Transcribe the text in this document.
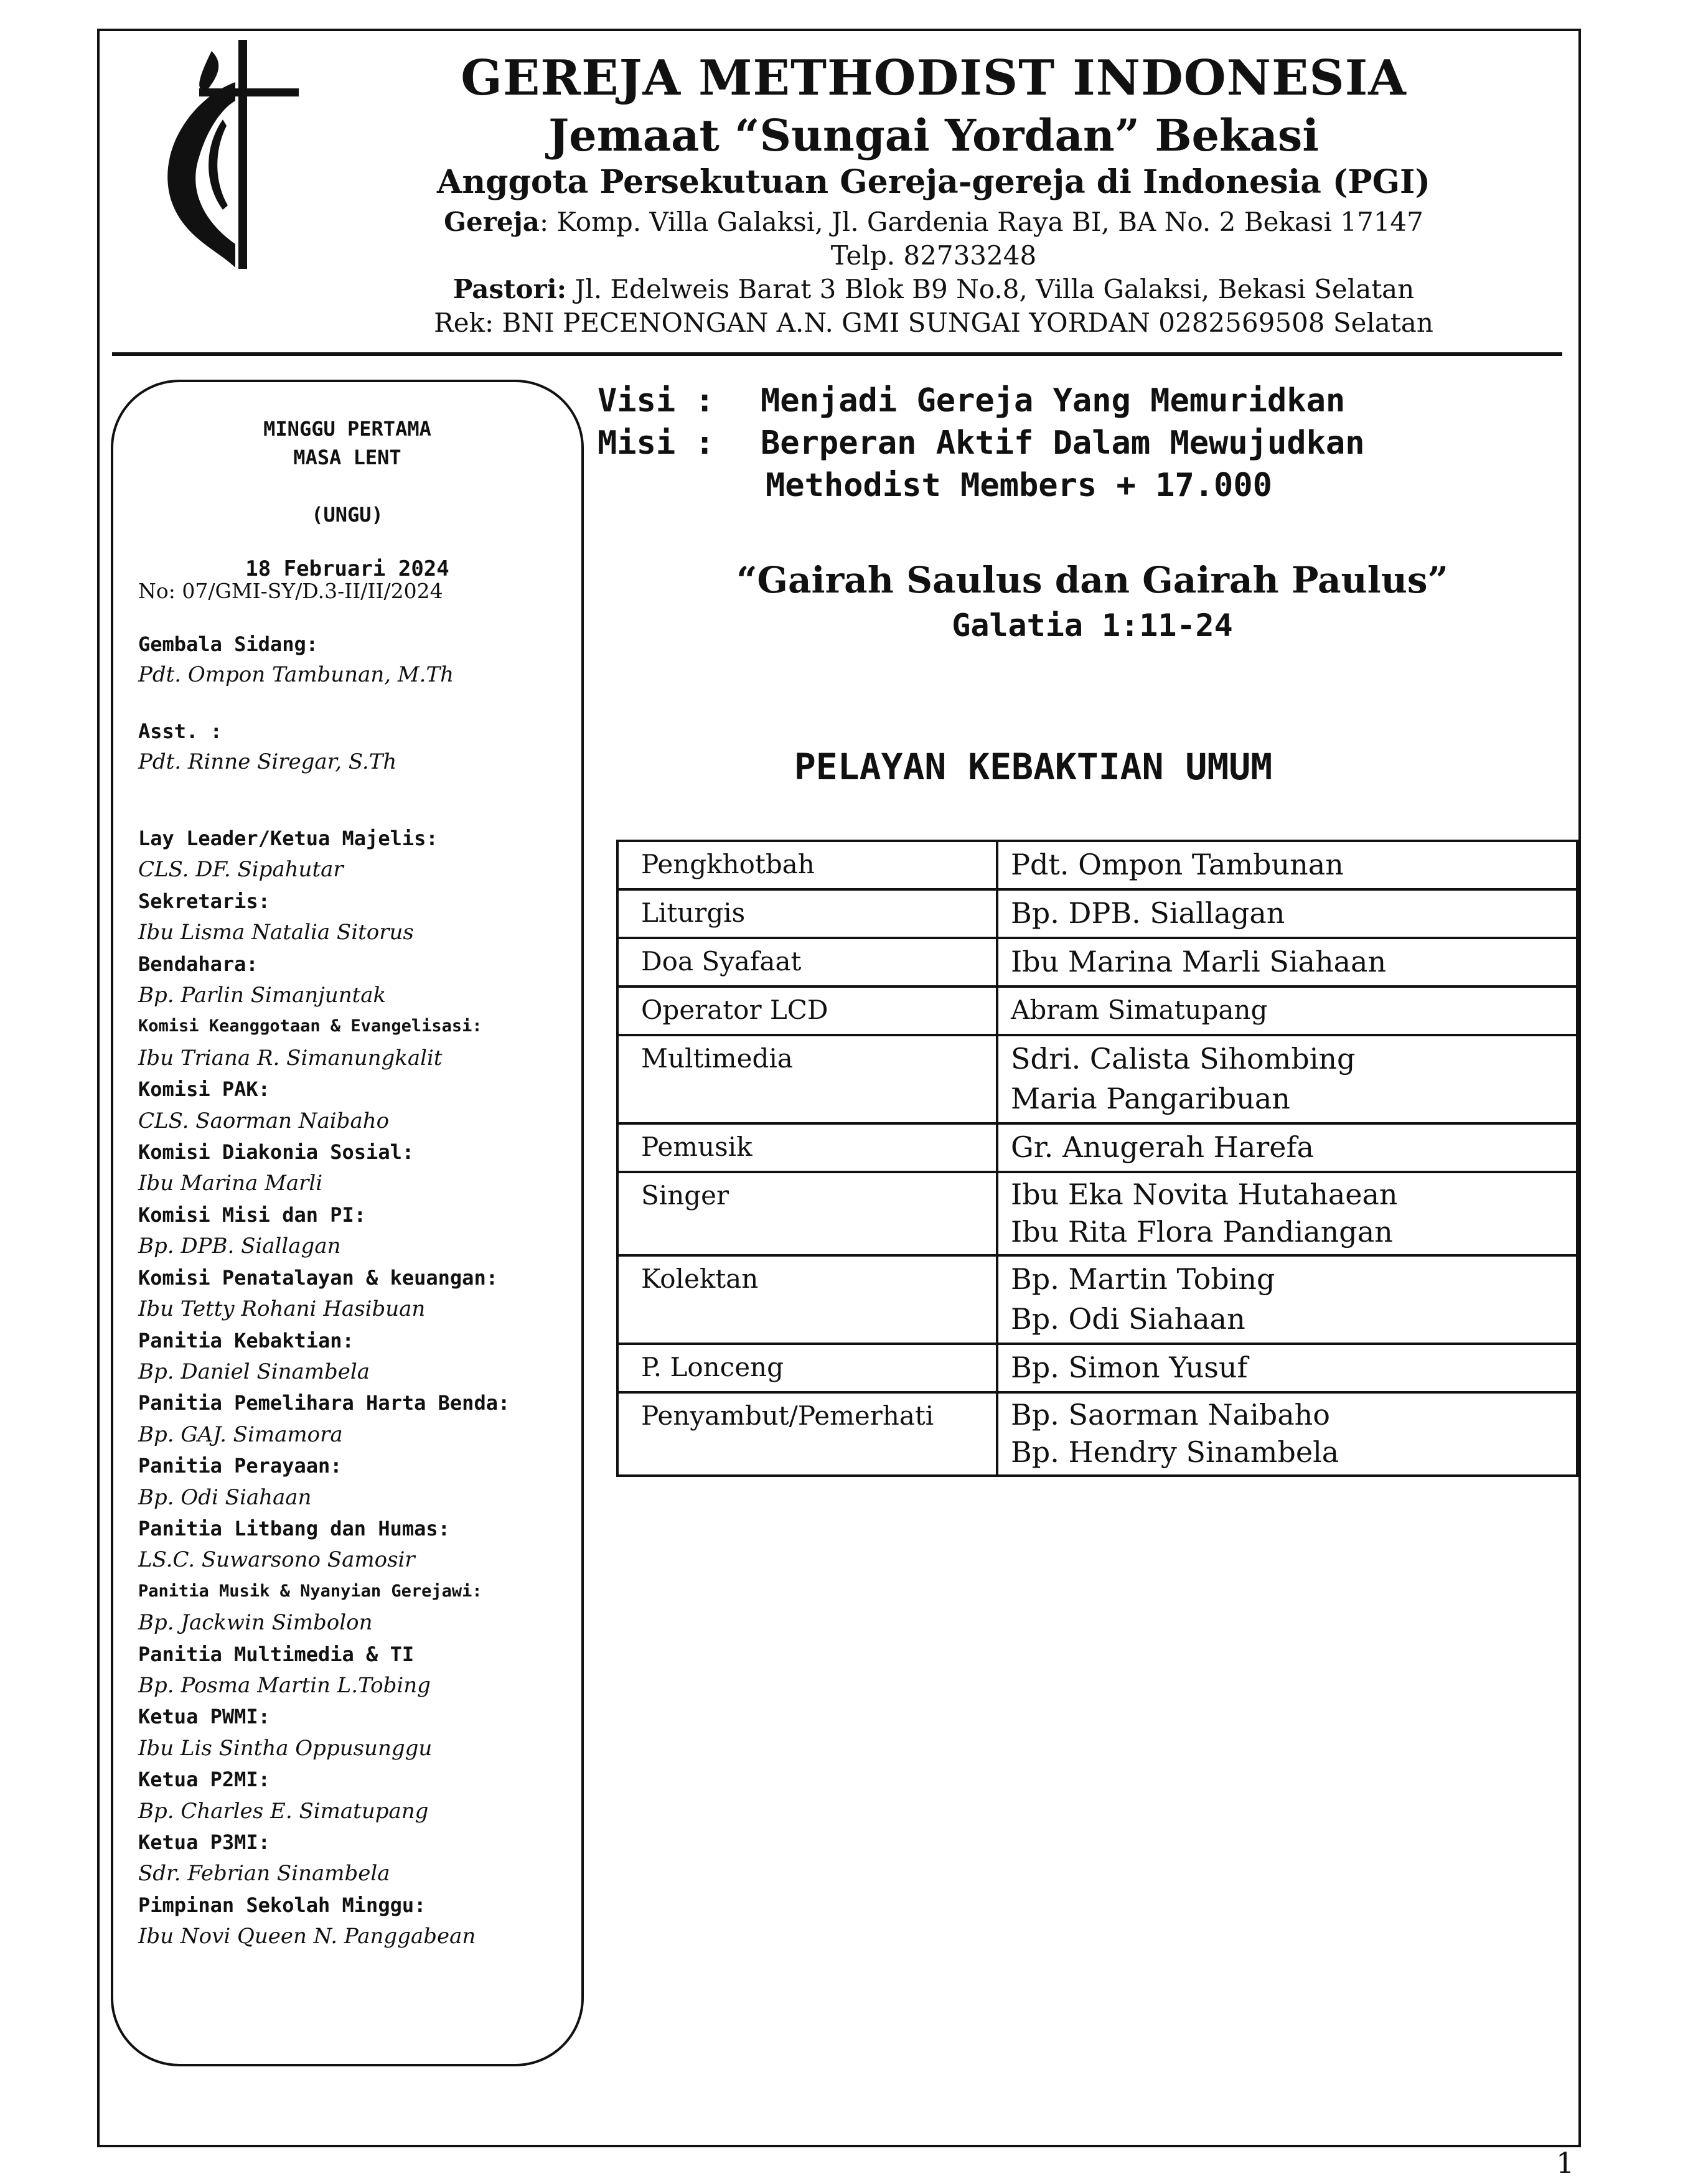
GEREJA METHODIST INDONESIA
Jemaat “Sungai Yordan” Bekasi
Anggota Persekutuan Gereja-gereja di Indonesia (PGI)
Gereja: Komp. Villa Galaksi, Jl. Gardenia Raya BI, BA No. 2 Bekasi 17147
Telp. 82733248
Pastori: Jl. Edelweis Barat 3 Blok B9 No.8, Villa Galaksi, Bekasi Selatan
Rek: BNI PECENONGAN A.N. GMI SUNGAI YORDAN 0282569508 Selatan
MINGGU PERTAMA
MASA LENT
(UNGU)
18 Februari 2024
No: 07/GMI-SY/D.3-II/II/2024
Gembala Sidang:
Pdt. Ompon Tambunan, M.Th
Asst. :
Pdt. Rinne Siregar, S.Th
Lay Leader/Ketua Majelis:
CLS. DF. Sipahutar
Sekretaris:
Ibu Lisma Natalia Sitorus
Bendahara:
Bp. Parlin Simanjuntak
Komisi Keanggotaan & Evangelisasi:
Ibu Triana R. Simanungkalit
Komisi PAK:
CLS. Saorman Naibaho
Komisi Diakonia Sosial:
Ibu Marina Marli
Komisi Misi dan PI:
Bp. DPB. Siallagan
Komisi Penatalayan & keuangan:
Ibu Tetty Rohani Hasibuan
Panitia Kebaktian:
Bp. Daniel Sinambela
Panitia Pemelihara Harta Benda:
Bp. GAJ. Simamora
Panitia Perayaan:
Bp. Odi Siahaan
Panitia Litbang dan Humas:
LS.C. Suwarsono Samosir
Panitia Musik & Nyanyian Gerejawi:
Bp. Jackwin Simbolon
Panitia Multimedia & TI
Bp. Posma Martin L.Tobing
Ketua PWMI:
Ibu Lis Sintha Oppusunggu
Ketua P2MI:
Bp. Charles E. Simatupang
Ketua P3MI:
Sdr. Febrian Sinambela
Pimpinan Sekolah Minggu:
Ibu Novi Queen N. Panggabean
Visi : Menjadi Gereja Yang Memuridkan
Misi : Berperan Aktif Dalam Mewujudkan
Methodist Members + 17.000
“Gairah Saulus dan Gairah Paulus”
Galatia 1:11-24
PELAYAN KEBAKTIAN UMUM
Pengkhotbah	Pdt. Ompon Tambunan

Liturgis	Bp. DPB. Siallagan

Doa Syafaat	Ibu Marina Marli Siahaan

Operator LCD	Abram Simatupang

Multimedia	Sdri. Calista Sihombing
Maria Pangaribuan

Pemusik	Gr. Anugerah Harefa

Singer	Ibu Eka Novita Hutahaean
Ibu Rita Flora Pandiangan

Kolektan	Bp. Martin Tobing
Bp. Odi Siahaan

P. Lonceng	Bp. Simon Yusuf

Penyambut/Pemerhati	Bp. Saorman Naibaho
Bp. Hendry Sinambela
1
